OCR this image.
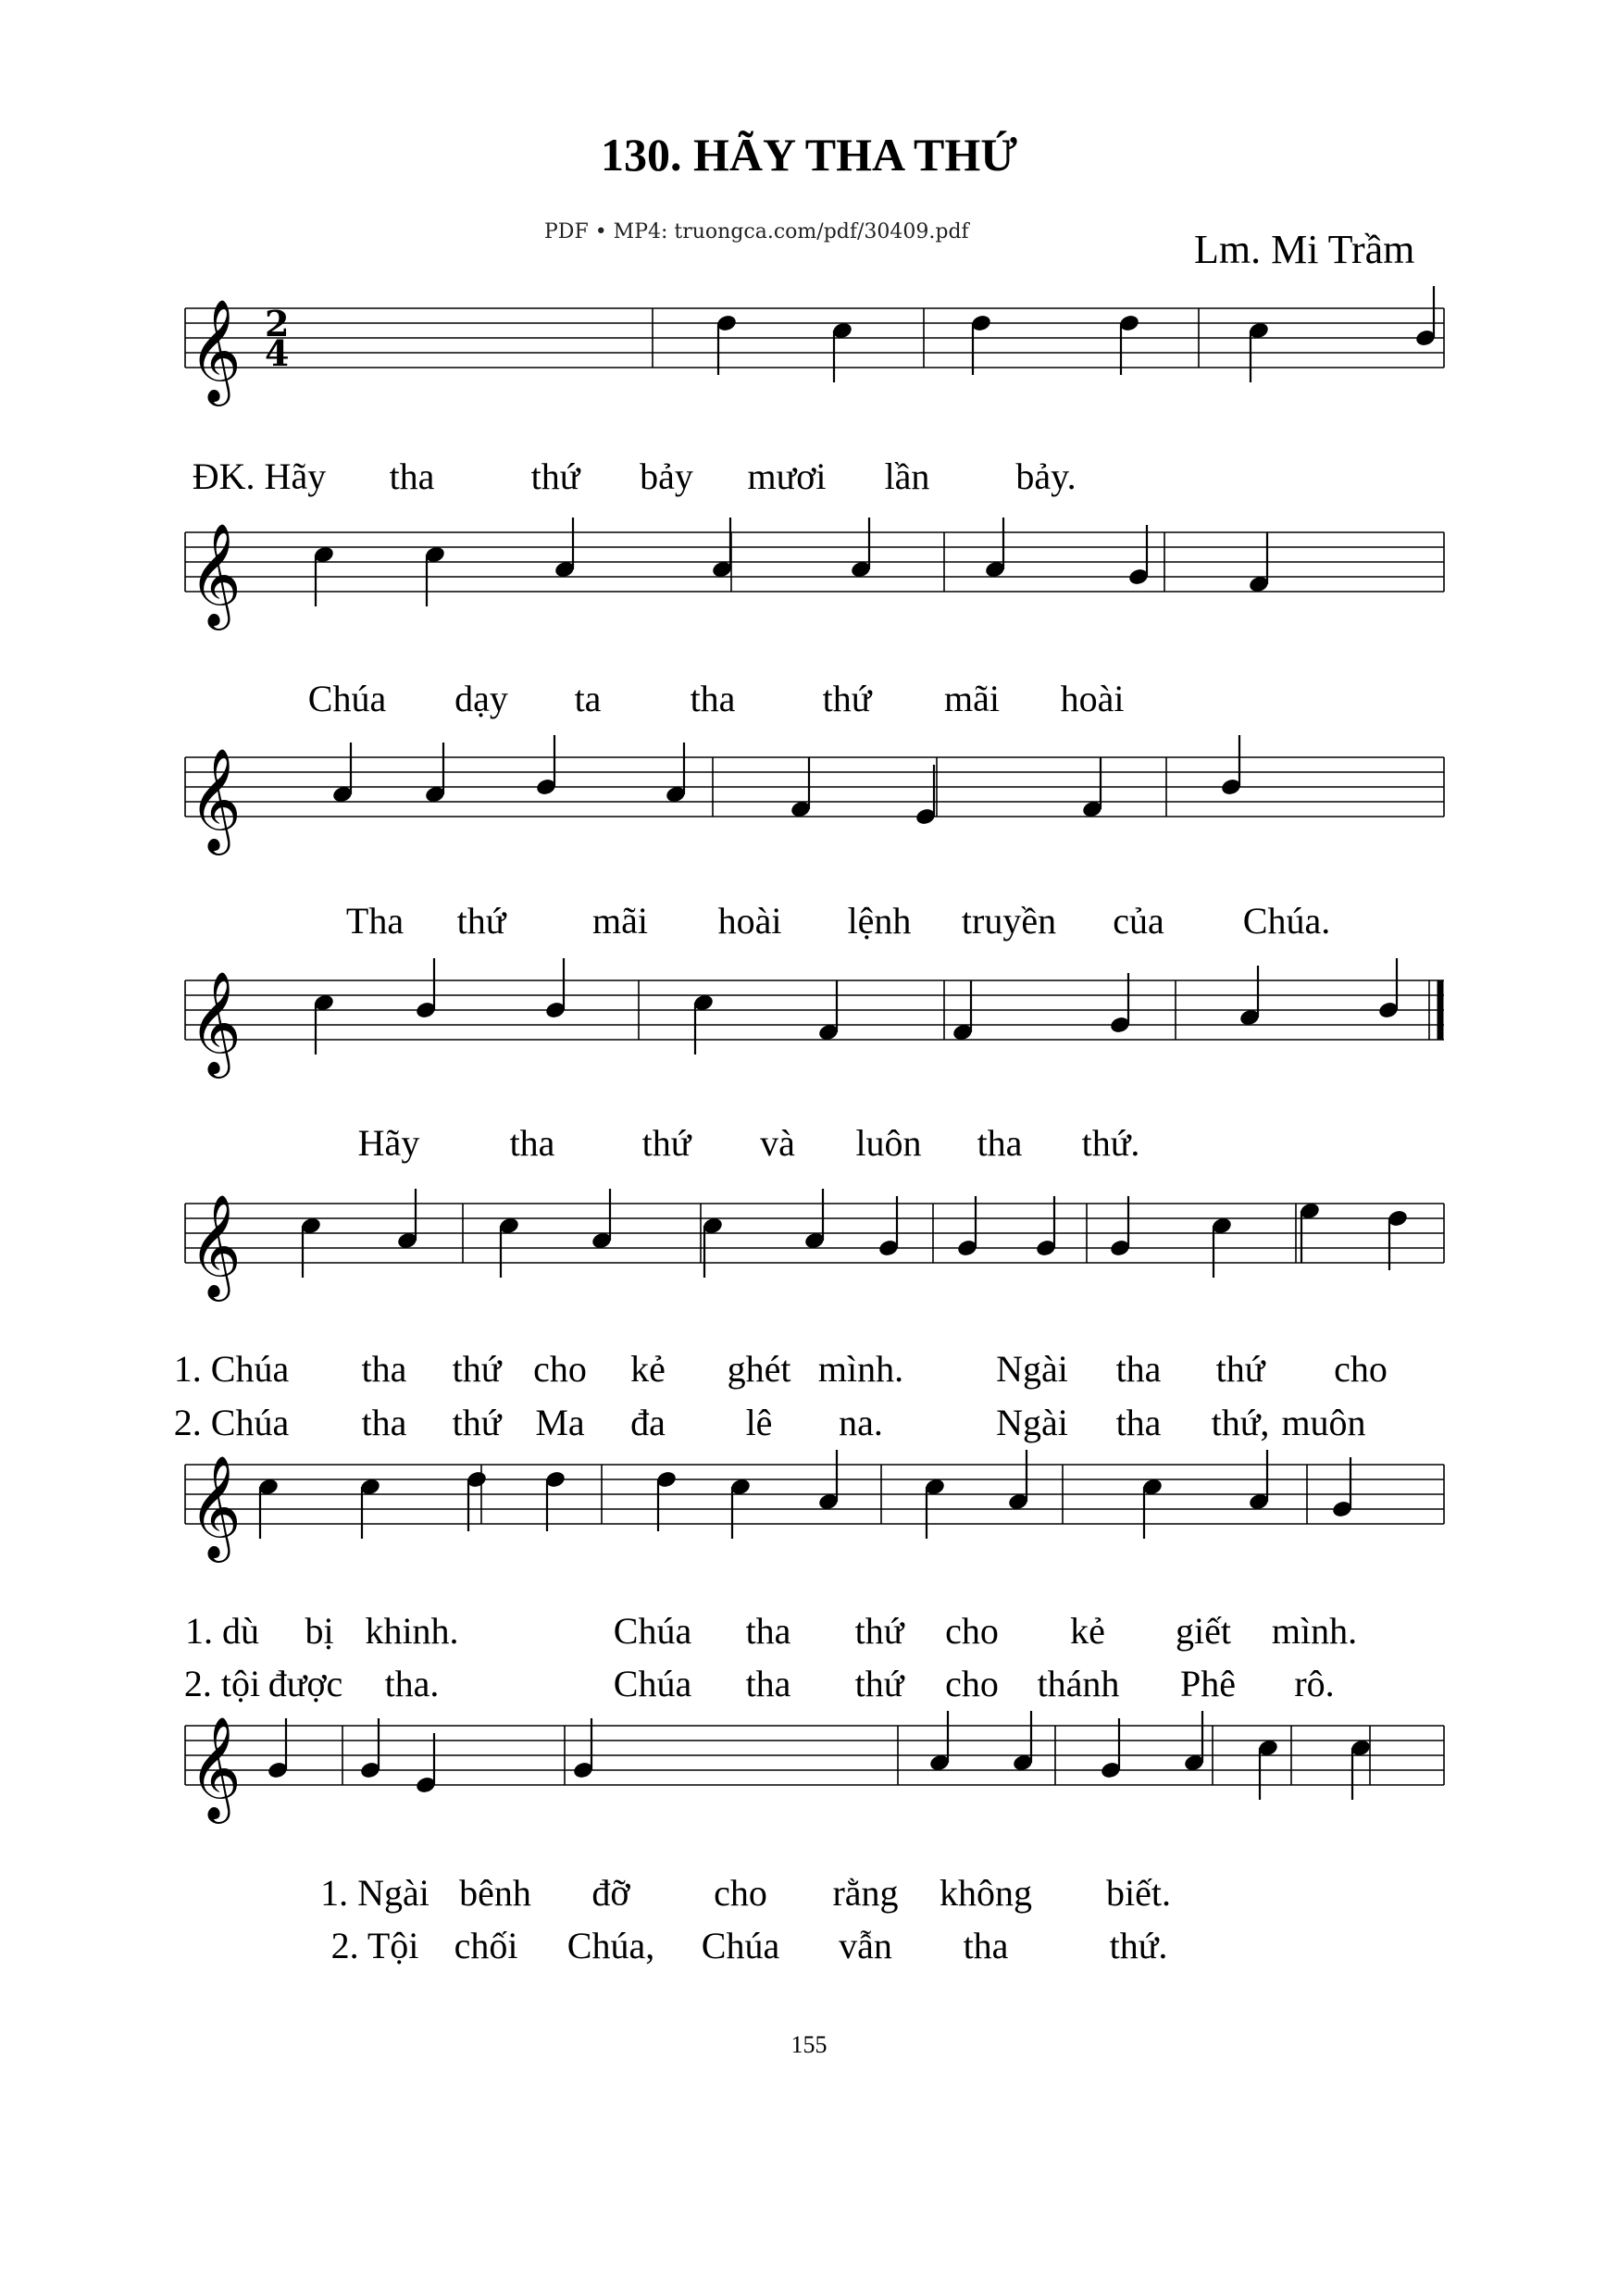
130. HÃY THA THỨ
PDF • MP4: truongca.com/pdf/30409.pdf	Lm. Mi Trầm
𝄞 2
4
ĐK. Hãy tha	thứ bảy mươi lần bảy.
𝄞
Chúa dạy ta tha thứ mãi hoài
𝄞
Tha thứ mãi hoài lệnh truyền của Chúa.
𝄞
Hãy tha thứ và luôn tha thứ.
𝄞
1. Chúa tha thứ cho kẻ ghét mình.	Ngài tha thứ cho
2. Chúa tha thứ Ma đa lê na.	Ngài tha thứ, muôn
𝄞
1. dù bị khinh.	Chúa tha thứ cho kẻ giết mình.
2. tội được tha.	Chúa tha thứ cho thánh Phê rô.
𝄞
1. Ngài bênh đỡ cho rằng không biết.
2. Tội chối Chúa, Chúa vẫn tha	thứ.
155
